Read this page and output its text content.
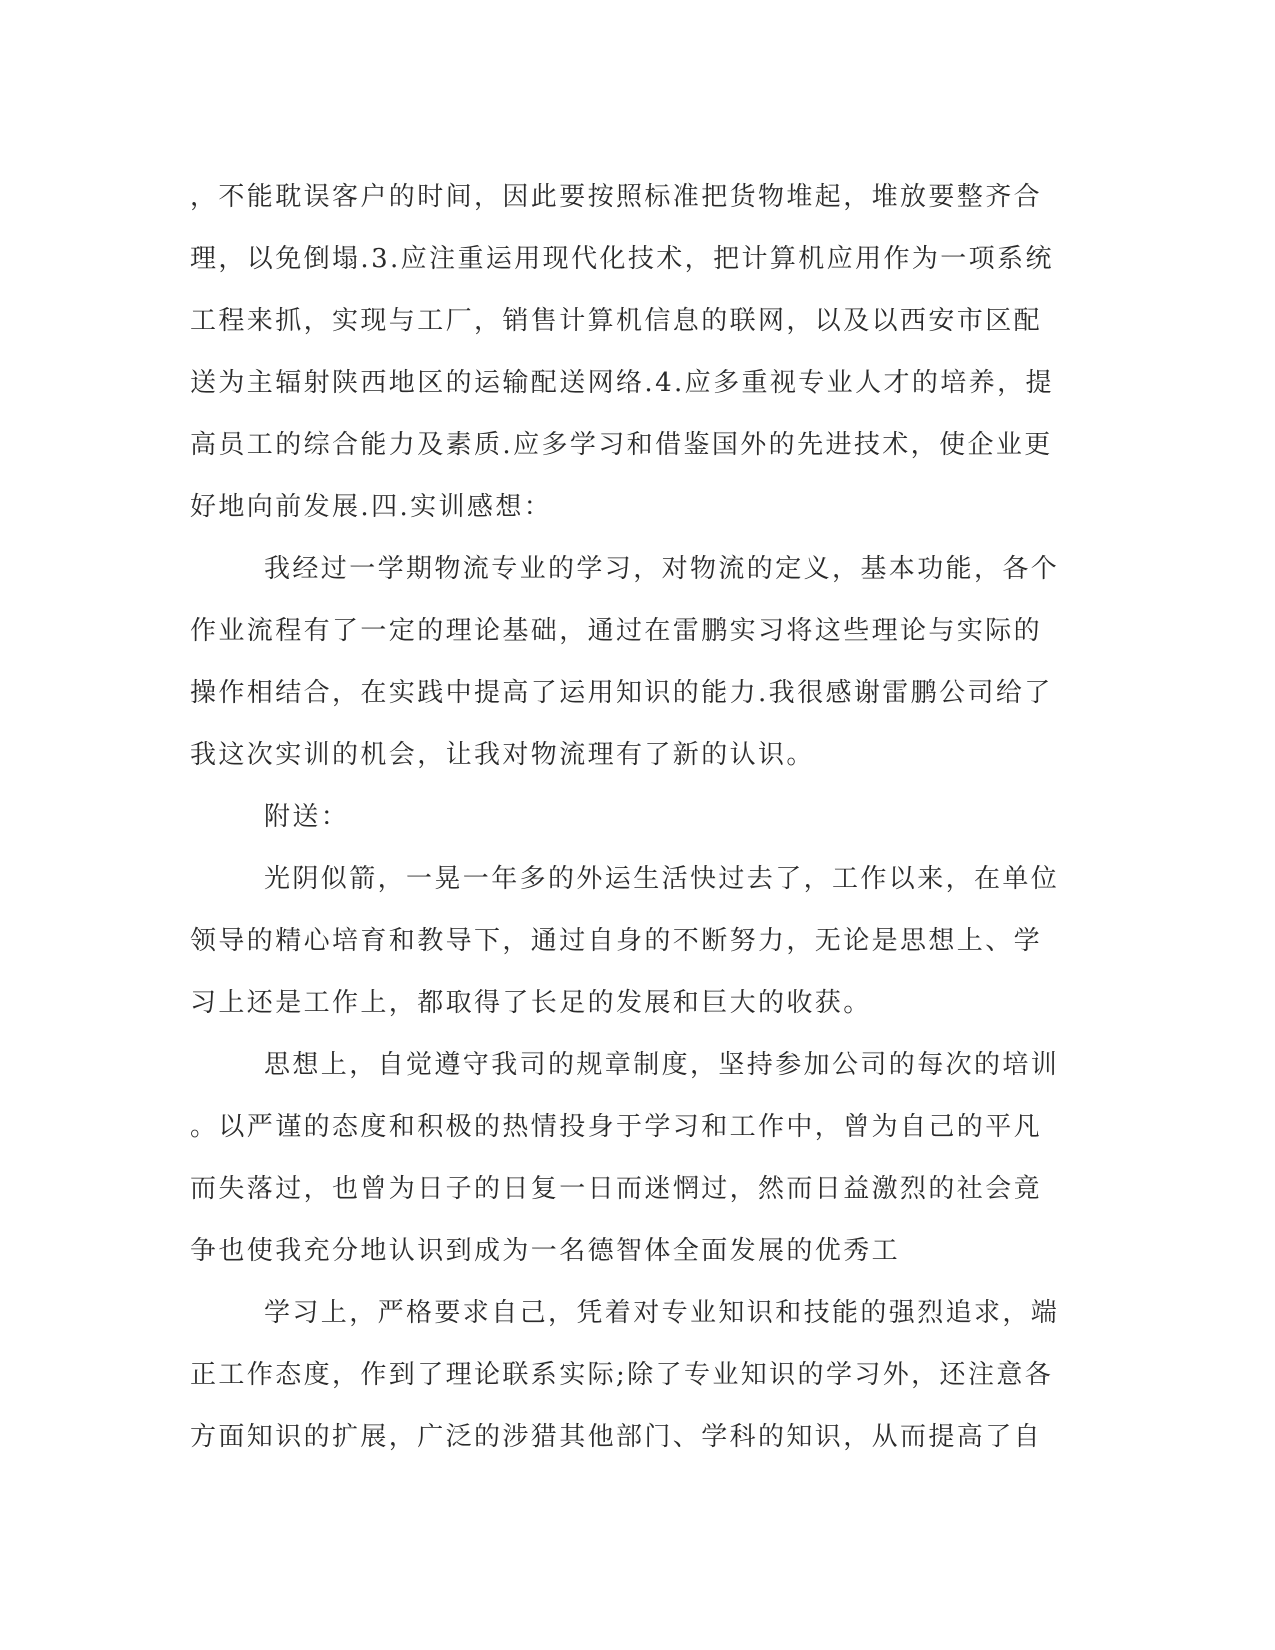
，不能耽误客户的时间，因此要按照标准把货物堆起，堆放要整齐合
理，以免倒塌.3.应注重运用现代化技术，把计算机应用作为一项系统
工程来抓，实现与工厂，销售计算机信息的联网，以及以西安市区配
送为主辐射陕西地区的运输配送网络.4.应多重视专业人才的培养，提
高员工的综合能力及素质.应多学习和借鉴国外的先进技术，使企业更
好地向前发展.四.实训感想：
我经过一学期物流专业的学习，对物流的定义，基本功能，各个
作业流程有了一定的理论基础，通过在雷鹏实习将这些理论与实际的
操作相结合，在实践中提高了运用知识的能力.我很感谢雷鹏公司给了
我这次实训的机会，让我对物流理有了新的认识。
附送：
光阴似箭，一晃一年多的外运生活快过去了，工作以来，在单位
领导的精心培育和教导下，通过自身的不断努力，无论是思想上、学
习上还是工作上，都取得了长足的发展和巨大的收获。
思想上，自觉遵守我司的规章制度，坚持参加公司的每次的培训
。以严谨的态度和积极的热情投身于学习和工作中，曾为自己的平凡
而失落过，也曾为日子的日复一日而迷惘过，然而日益激烈的社会竟
争也使我充分地认识到成为一名德智体全面发展的优秀工
学习上，严格要求自己，凭着对专业知识和技能的强烈追求，端
正工作态度，作到了理论联系实际;除了专业知识的学习外，还注意各
方面知识的扩展，广泛的涉猎其他部门、学科的知识，从而提高了自
